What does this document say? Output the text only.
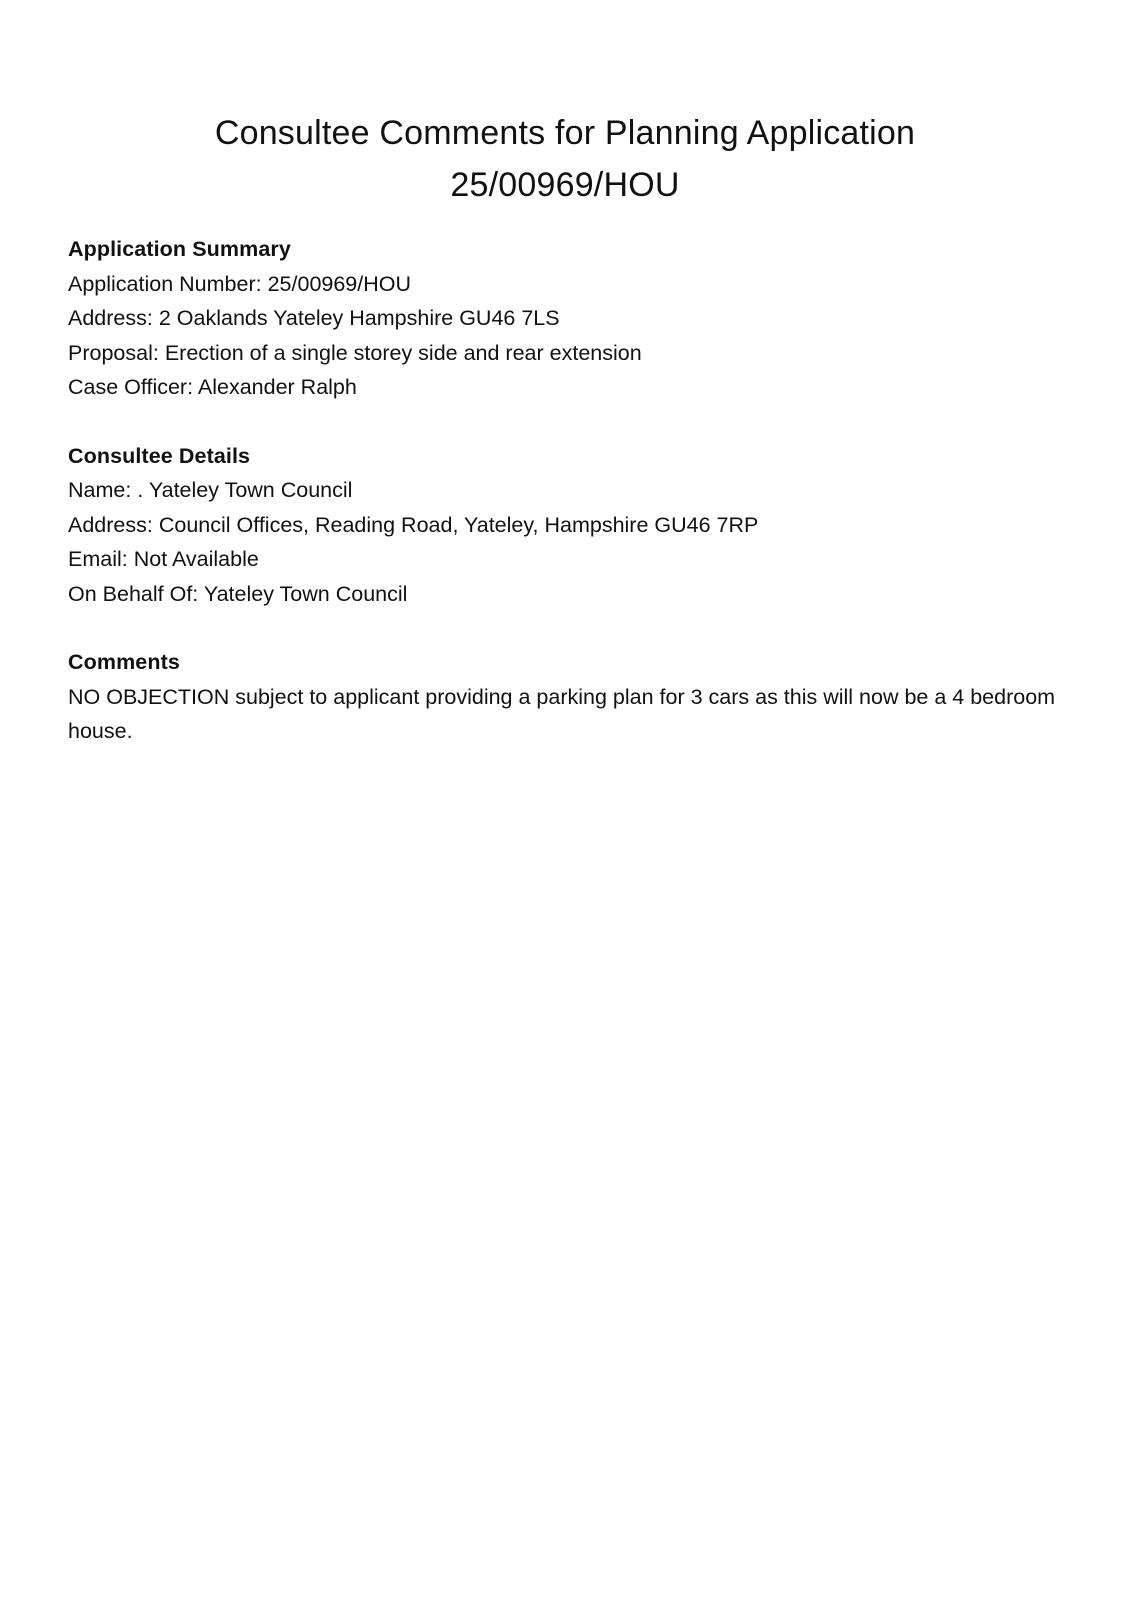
Consultee Comments for Planning Application
25/00969/HOU
Application Summary
Application Number: 25/00969/HOU
Address: 2 Oaklands Yateley Hampshire GU46 7LS
Proposal: Erection of a single storey side and rear extension
Case Officer: Alexander Ralph
Consultee Details
Name: . Yateley Town Council
Address: Council Offices, Reading Road, Yateley, Hampshire GU46 7RP
Email: Not Available
On Behalf Of: Yateley Town Council
Comments

NO OBJECTION subject to applicant providing a parking plan for 3 cars as this will now be a 4 bedroom house.
